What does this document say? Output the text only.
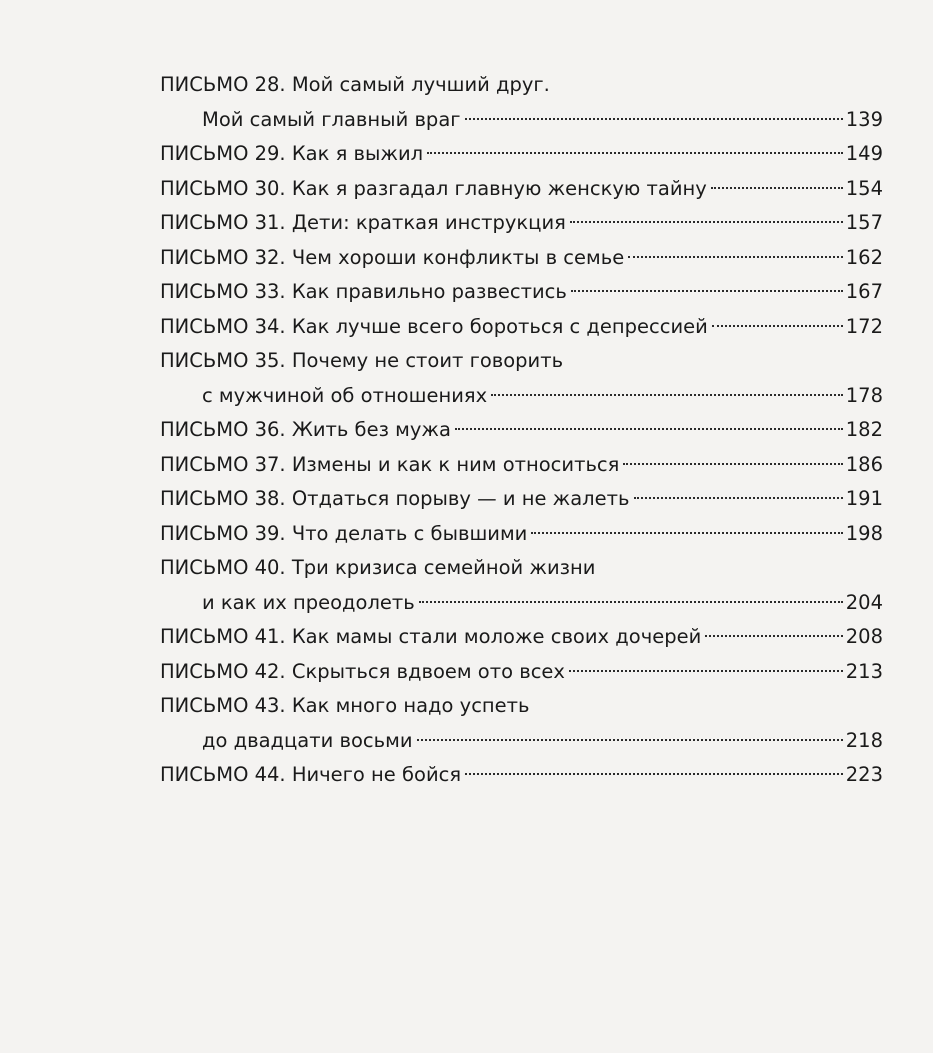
ПИСЬМО 28. Мой самый лучший друг.
Мой самый главный враг	139
ПИСЬМО 29. Как я выжил	149
ПИСЬМО 30. Как я разгадал главную женскую тайну	154
ПИСЬМО 31. Дети: краткая инструкция	157
ПИСЬМО 32. Чем хороши конфликты в семье	162
ПИСЬМО 33. Как правильно развестись	167
ПИСЬМО 34. Как лучше всего бороться с депрессией	172
ПИСЬМО 35. Почему не стоит говорить
с мужчиной об отношениях	178
ПИСЬМО 36. Жить без мужа	182
ПИСЬМО 37. Измены и как к ним относиться	186
ПИСЬМО 38. Отдаться порыву — и не жалеть	191
ПИСЬМО 39. Что делать с бывшими	198
ПИСЬМО 40. Три кризиса семейной жизни
и как их преодолеть	204
ПИСЬМО 41. Как мамы стали моложе своих дочерей	208
ПИСЬМО 42. Скрыться вдвоем ото всех	213
ПИСЬМО 43. Как много надо успеть
до двадцати восьми	218
ПИСЬМО 44. Ничего не бойся	223
